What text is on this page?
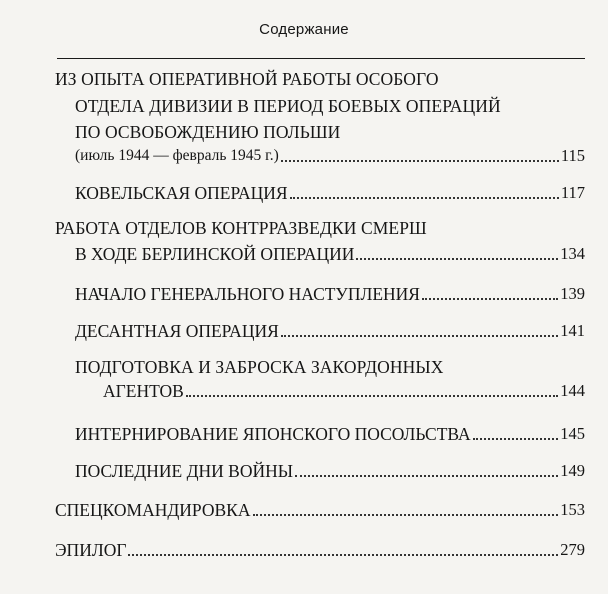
Содержание
ИЗ ОПЫТА ОПЕРАТИВНОЙ РАБОТЫ ОСОБОГО
ОТДЕЛА ДИВИЗИИ В ПЕРИОД БОЕВЫХ ОПЕРАЦИЙ
ПО ОСВОБОЖДЕНИЮ ПОЛЬШИ
(июль 1944 — февраль 1945 г.)	115
КОВЕЛЬСКАЯ ОПЕРАЦИЯ	117
РАБОТА ОТДЕЛОВ КОНТРРАЗВЕДКИ СМЕРШ
В ХОДЕ БЕРЛИНСКОЙ ОПЕРАЦИИ	134
НАЧАЛО ГЕНЕРАЛЬНОГО НАСТУПЛЕНИЯ	139
ДЕСАНТНАЯ ОПЕРАЦИЯ	141
ПОДГОТОВКА И ЗАБРОСКА ЗАКОРДОННЫХ
АГЕНТОВ	144
ИНТЕРНИРОВАНИЕ ЯПОНСКОГО ПОСОЛЬСТВА	145
ПОСЛЕДНИЕ ДНИ ВОЙНЫ	149
СПЕЦКОМАНДИРОВКА	153
ЭПИЛОГ	279
